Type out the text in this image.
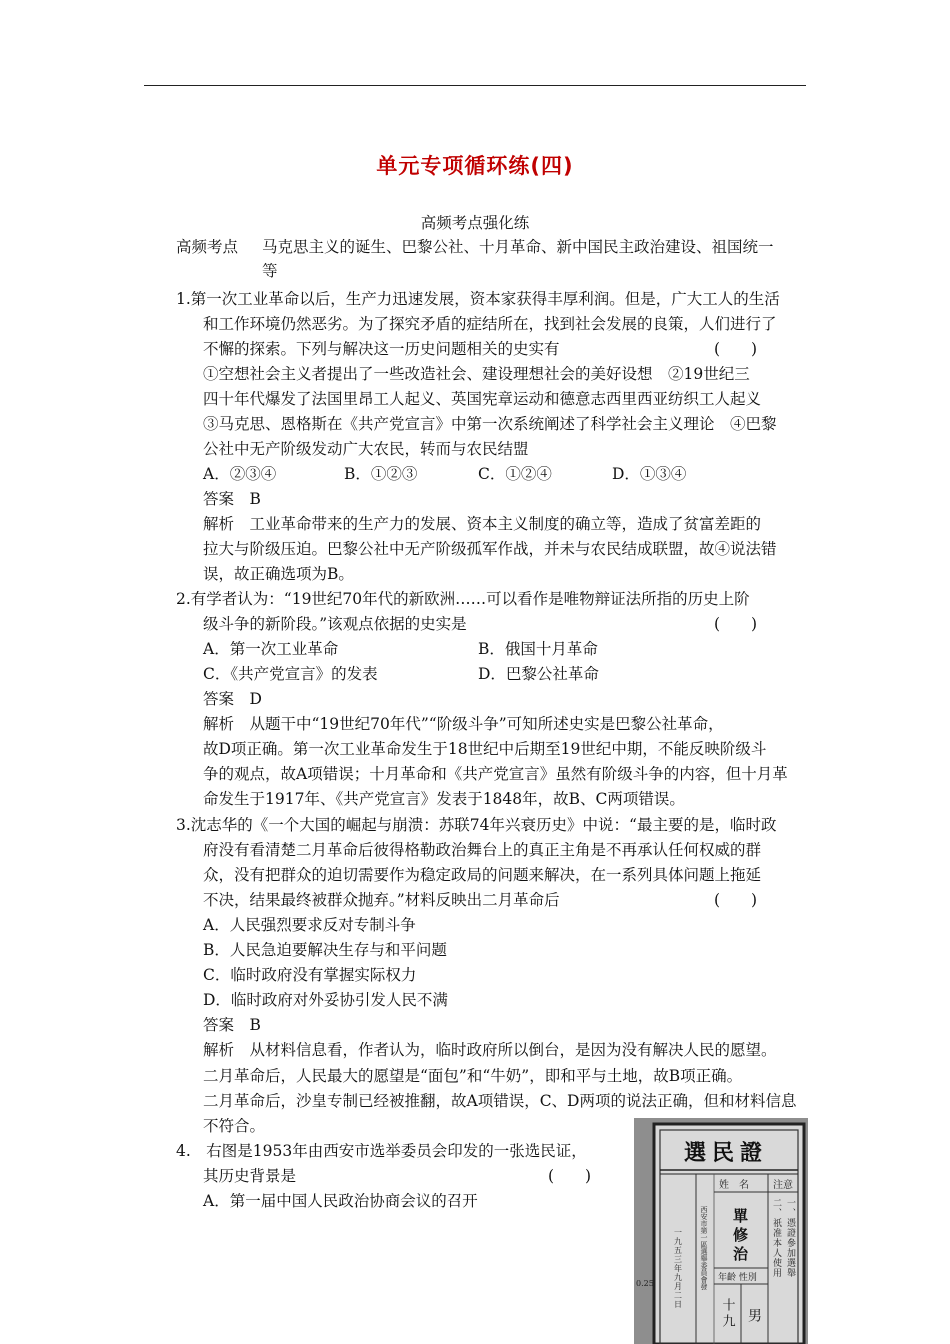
单元专项循环练(四)
高频考点强化练
高频考点 马克思主义的诞生、巴黎公社、十月革命、新中国民主政治建设、祖国统一
等
1.第一次工业革命以后，生产力迅速发展，资本家获得丰厚利润。但是，广大工人的生活
和工作环境仍然恶劣。为了探究矛盾的症结所在，找到社会发展的良策，人们进行了
不懈的探索。下列与解决这一历史问题相关的史实有	(　　)
①空想社会主义者提出了一些改造社会、建设理想社会的美好设想　②19世纪三
四十年代爆发了法国里昂工人起义、英国宪章运动和德意志西里西亚纺织工人起义
③马克思、恩格斯在《共产党宣言》中第一次系统阐述了科学社会主义理论　④巴黎
公社中无产阶级发动广大农民，转而与农民结盟
A．②③④	B．①②③	C．①②④	D．①③④
答案　B
解析　工业革命带来的生产力的发展、资本主义制度的确立等，造成了贫富差距的
拉大与阶级压迫。巴黎公社中无产阶级孤军作战，并未与农民结成联盟，故④说法错
误，故正确选项为B。
2.有学者认为：“19世纪70年代的新欧洲……可以看作是唯物辩证法所指的历史上阶
级斗争的新阶段。”该观点依据的史实是	(　　)
A．第一次工业革命	B．俄国十月革命
C．《共产党宣言》的发表	D．巴黎公社革命
答案　D
解析　从题干中“19世纪70年代”“阶级斗争”可知所述史实是巴黎公社革命，
故D项正确。第一次工业革命发生于18世纪中后期至19世纪中期，不能反映阶级斗
争的观点，故A项错误；十月革命和《共产党宣言》虽然有阶级斗争的内容，但十月革
命发生于1917年、《共产党宣言》发表于1848年，故B、C两项错误。
3.沈志华的《一个大国的崛起与崩溃：苏联74年兴衰历史》中说：“最主要的是，临时政
府没有看清楚二月革命后彼得格勒政治舞台上的真正主角是不再承认任何权威的群
众，没有把群众的迫切需要作为稳定政局的问题来解决，在一系列具体问题上拖延
不决，结果最终被群众抛弃。”材料反映出二月革命后	(　　)
A．人民强烈要求反对专制斗争
B．人民急迫要解决生存与和平问题
C．临时政府没有掌握实际权力
D．临时政府对外妥协引发人民不满
答案　B
解析　从材料信息看，作者认为，临时政府所以倒台，是因为没有解决人民的愿望。
二月革命后，人民最大的愿望是“面包”和“牛奶”，即和平与土地，故B项正确。
二月革命后，沙皇专制已经被推翻，故A项错误，C、D两项的说法正确，但和材料信息
不符合。
4.　右图是1953年由西安市选举委员会印发的一张选民证，
其历史背景是	(　　)
A．第一届中国人民政治协商会议的召开
選民證
姓　名
單修治
年齡 性別
十九 男
注意
一、憑證參加選舉
二、祇准本人使用
西安市第一區選舉委員會發
一九五三年九月二日
0.25
